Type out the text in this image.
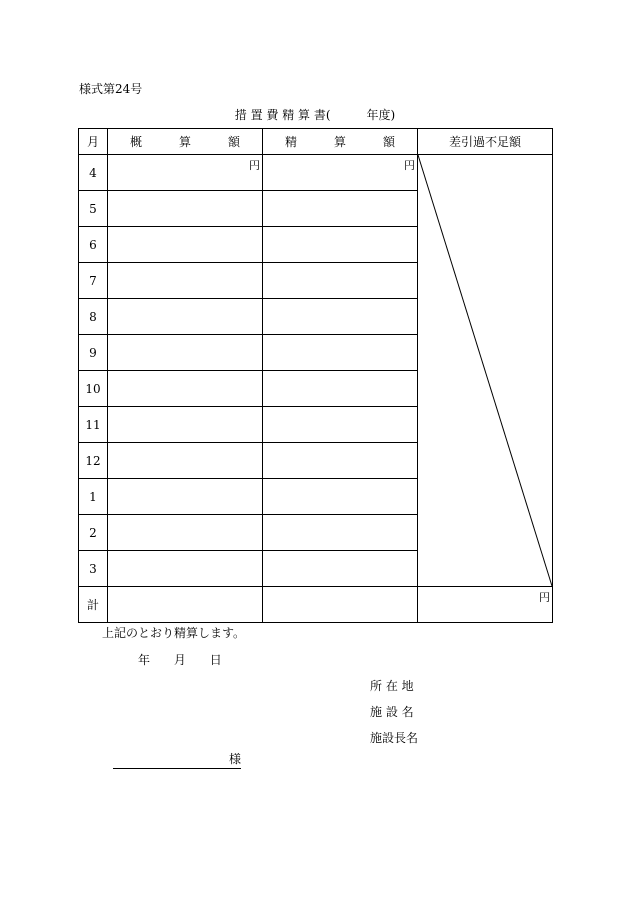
様式第24号
措 置 費 精 算 書(	年度)
月	概 算 額	精 算 額	差引過不足額
4	円	円

5			
6			
7			
8			
9			
10			
11			
12			
1			
2			
3			
計			円
上記のとおり精算します。
年 月 日
所 在 地
施 設 名
施設長名
様
